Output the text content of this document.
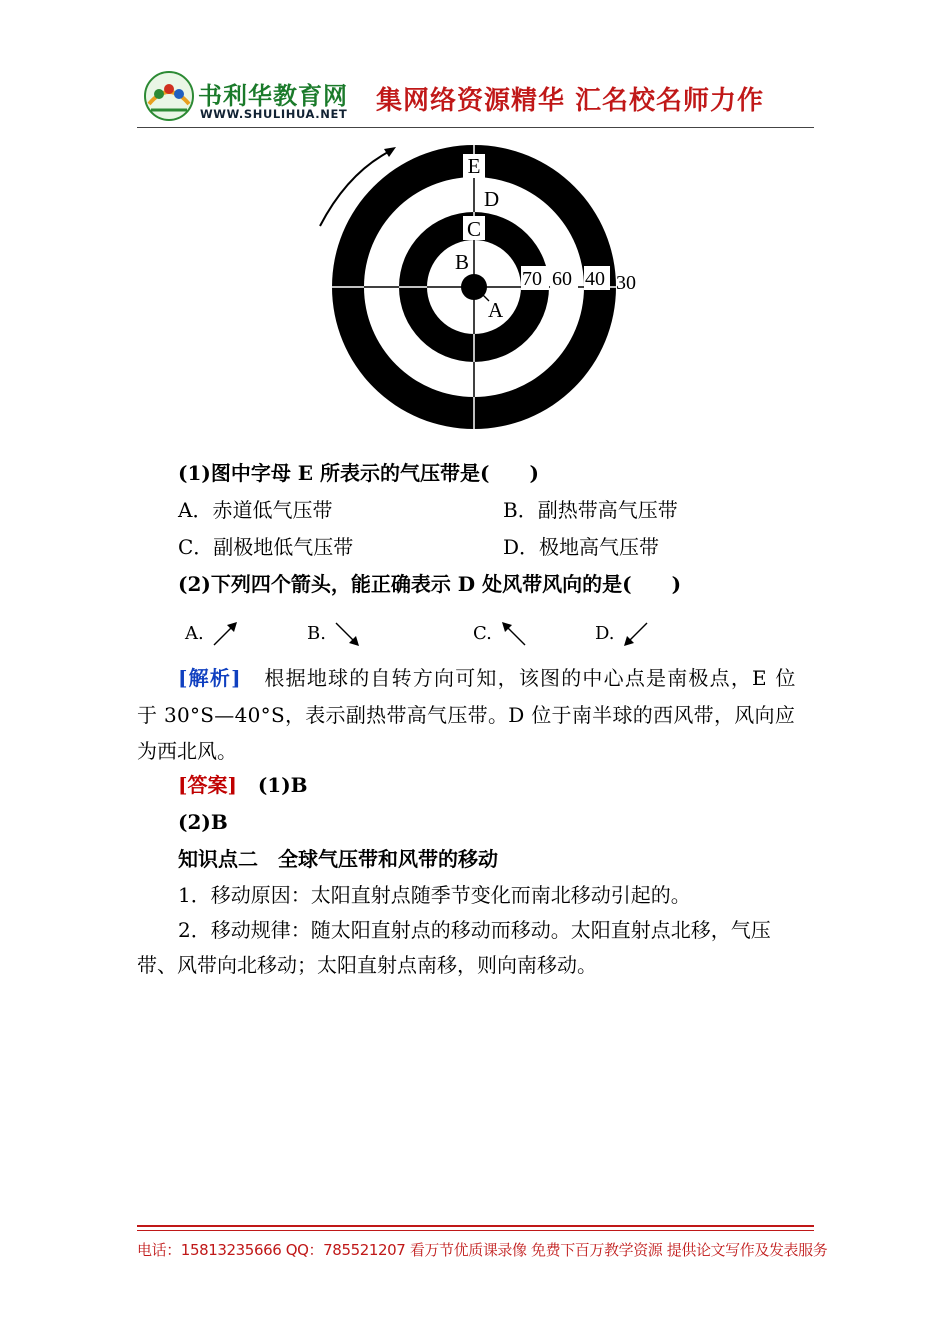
书利华教育网
WWW.SHULIHUA.NET 集网络资源精华 汇名校名师力作
E
D
C
B
A
70 60 40 30
(1)图中字母 E 所表示的气压带是(　　)
A．赤道低气压带	B．副热带高气压带
C．副极地低气压带	D．极地高气压带
(2)下列四个箭头，能正确表示 D 处风带风向的是(　　)
A.	B.	C.	D.
[解析] 根据地球的自转方向可知，该图的中心点是南极点，E 位
于 30°S—40°S，表示副热带高气压带。D 位于南半球的西风带，风向应
为西北风。
[答案] (1)B
(2)B
知识点二　全球气压带和风带的移动
1．移动原因：太阳直射点随季节变化而南北移动引起的。
2．移动规律：随太阳直射点的移动而移动。太阳直射点北移，气压
带、风带向北移动；太阳直射点南移，则向南移动。
电话：15813235666 QQ：785521207 看万节优质课录像 免费下百万教学资源 提供论文写作及发表服务
